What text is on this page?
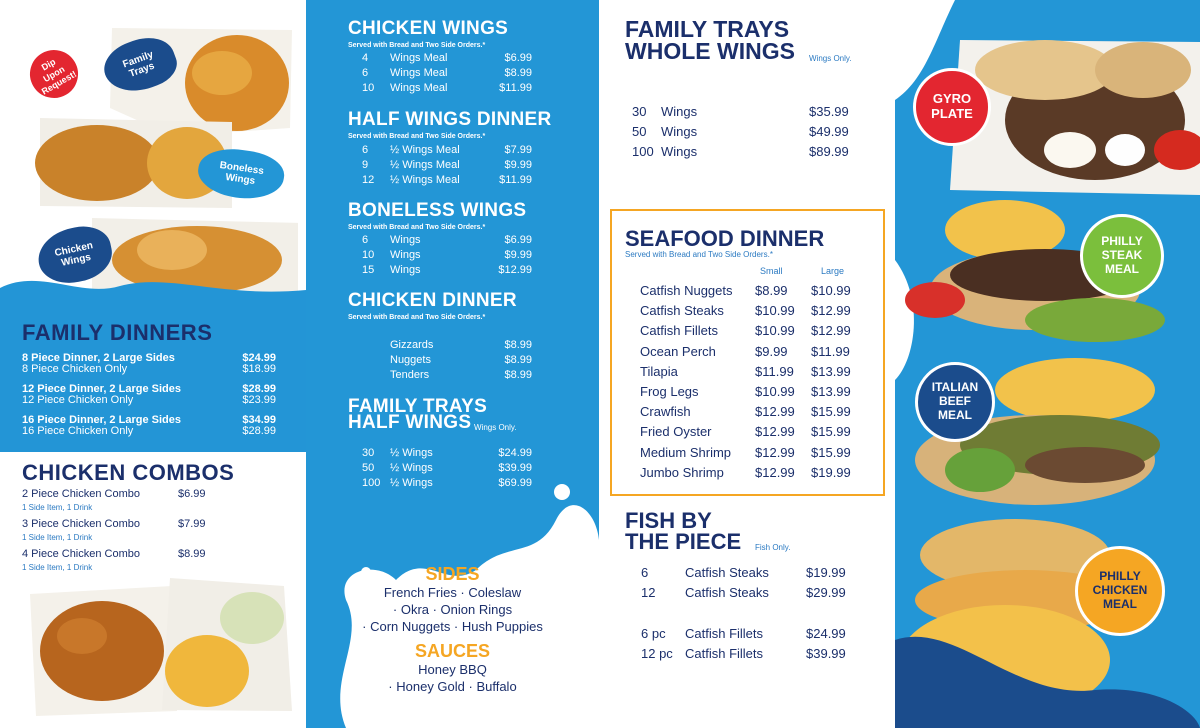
Dip
Upon
Request!
Family
Trays
Boneless
Wings
Chicken
Wings
FAMILY DINNERS
8 Piece Dinner, 2 Large Sides	$24.99
8 Piece Chicken Only	$18.99
12 Piece Dinner, 2 Large Sides	$28.99
12 Piece Chicken Only	$23.99
16 Piece Dinner, 2 Large Sides	$34.99
16 Piece Chicken Only	$28.99
CHICKEN COMBOS
2 Piece Chicken Combo	$6.99
1 Side Item, 1 Drink
3 Piece Chicken Combo	$7.99
1 Side Item, 1 Drink
4 Piece Chicken Combo	$8.99
1 Side Item, 1 Drink
CHICKEN WINGS
Served with Bread and Two Side Orders.*
4	Wings Meal	$6.99
6	Wings Meal	$8.99
10	Wings Meal	$11.99
HALF WINGS DINNER
Served with Bread and Two Side Orders.*
6	½ Wings Meal	$7.99
9	½ Wings Meal	$9.99
12	½ Wings Meal	$11.99
BONELESS WINGS
Served with Bread and Two Side Orders.*
6	Wings	$6.99
10	Wings	$9.99
15	Wings	$12.99
CHICKEN DINNER
Served with Bread and Two Side Orders.*
Gizzards	$8.99
Nuggets	$8.99
Tenders	$8.99
FAMILY TRAYS
HALF WINGS Wings Only.
30	½ Wings	$24.99
50	½ Wings	$39.99
100 ½ Wings	$69.99
SIDES
French Fries · Coleslaw
· Okra · Onion Rings
· Corn Nuggets · Hush Puppies
SAUCES
Honey BBQ
· Honey Gold · Buffalo
FAMILY TRAYS
WHOLE WINGS Wings Only.
30 Wings	$35.99
50 Wings	$49.99
100 Wings	$89.99
SEAFOOD DINNER
Served with Bread and Two Side Orders.*
Small	Large
Catfish Nuggets $8.99 $10.99
Catfish Steaks $10.99 $12.99
Catfish Fillets	$10.99 $12.99
Ocean Perch	$9.99 $11.99
Tilapia	$11.99 $13.99
Frog Legs	$10.99 $13.99
Crawfish	$12.99 $15.99
Fried Oyster	$12.99 $15.99
Medium Shrimp $12.99 $15.99
Jumbo Shrimp $12.99 $19.99
FISH BY
THE PIECE Fish Only.
6	Catfish Steaks	$19.99
12 Catfish Steaks	$29.99
6 pc Catfish Fillets	$24.99
12 pc Catfish Fillets	$39.99
GYRO
PLATE
PHILLY
STEAK
MEAL
ITALIAN
BEEF
MEAL
PHILLY
CHICKEN
MEAL
